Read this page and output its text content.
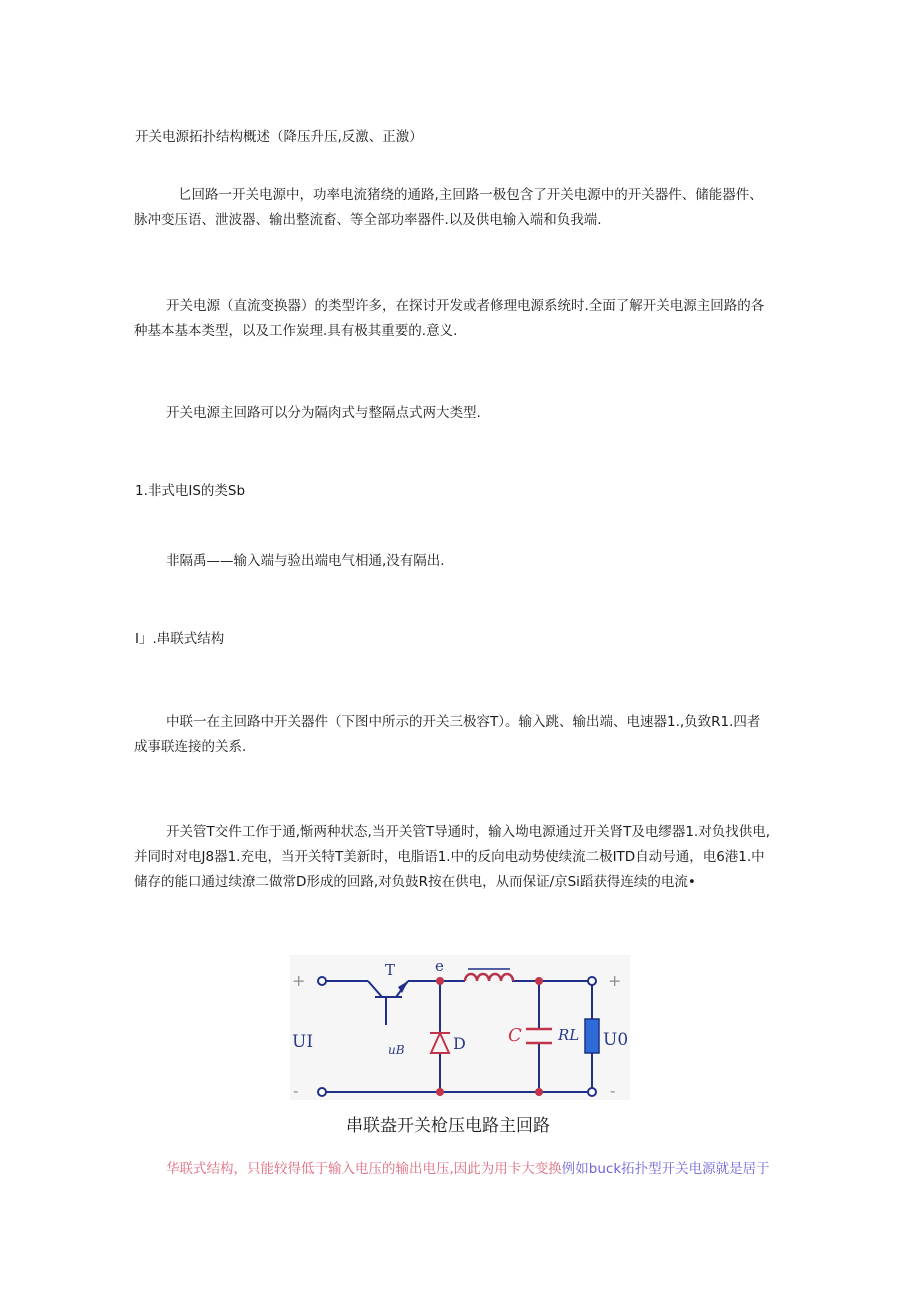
开关电源拓扑结构概述（降压升压,反激、正激）
匕回路一开关电源中，功率电流猪绕的通路,主回路一极包含了开关电源中的开关器件、储能器件、
脉冲变压语、泄波器、输出整流畜、等全部功率器件.以及供电输入端和负我端.
开关电源（直流变换器）的类型许多，在探讨开发或者修理电源系统时.全面了解开关电源主回路的各
种基本基本类型，以及工作炭理.具有极其重要的.意义.
开关电源主回路可以分为隔肉式与整隔点式两大类型.
1.非式电IS的类Sb
非隔禹——输入端与验出端电气相通,没有隔出.
I」.串联式结构
中联一在主回路中开关器件（下图中所示的开关三极容T）。输入跳、输出端、电速器1.,负致R1.四者
成事联连接的关系.
开关管T交件工作于通,惭两种状态,当开关管T导通时，输入坳电源通过开关肾T及电缪器1.对负找供电,
并同时对电J8器1.充电，当开关特T美新时，电脂语1.中的反向电动势使续流二极ITD自动号通，电6港1.中
储存的能口通过续潦二做常D形成的回路,对负鼓R按在供电，从而保证/京Si蹈获得连续的电流•
+
-
+
-
T	e
UI	uB	D C RL U0
串联盎开关枪压电路主回路
华联式结构，只能较得低于输入电压的输出电压,因此为用卡大变换例如buck拓扑型开关电源就是居于
